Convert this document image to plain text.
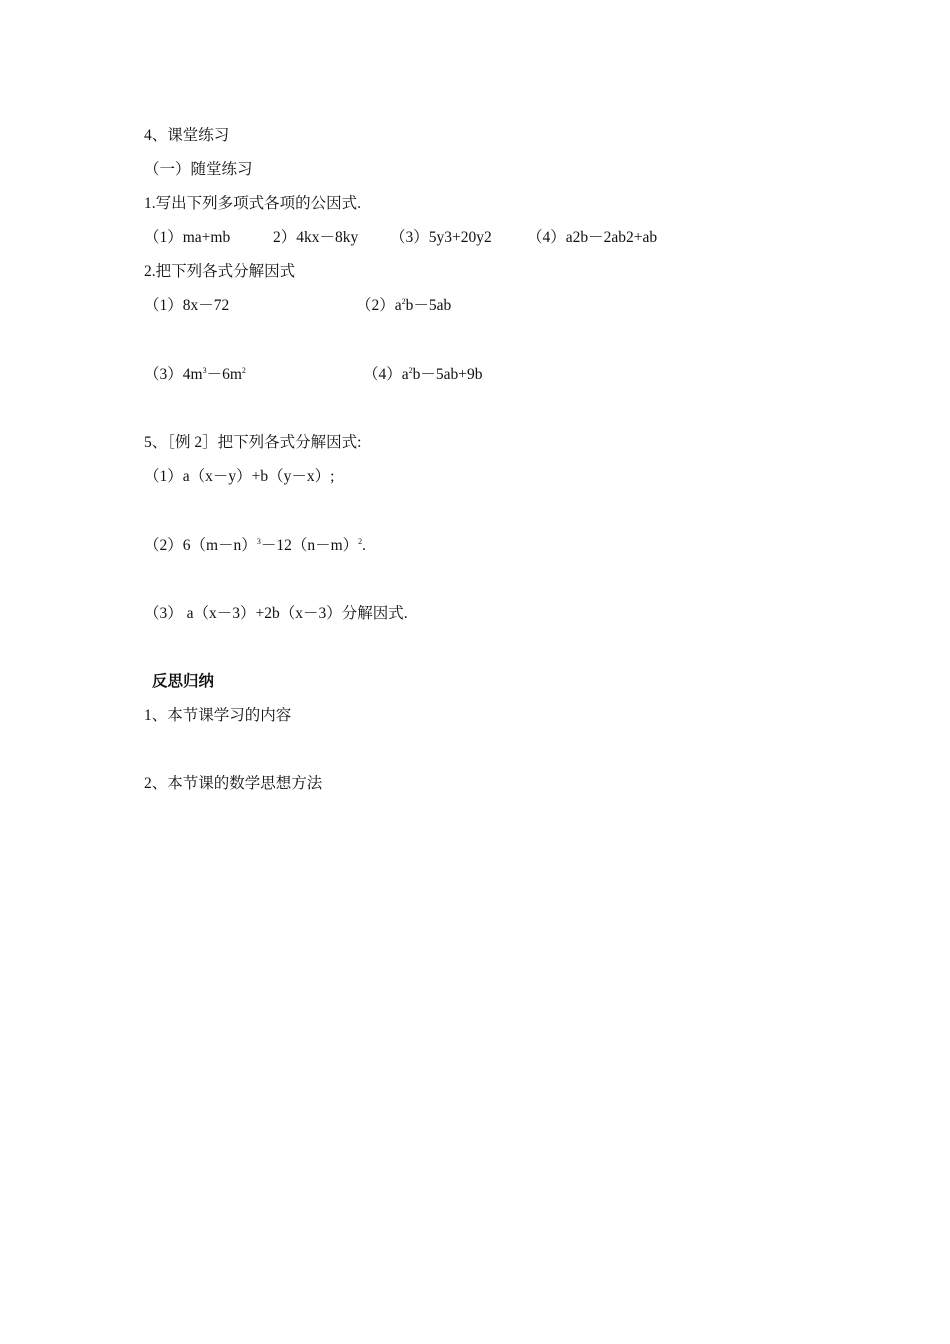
4、课堂练习
（一）随堂练习
1.写出下列多项式各项的公因式.
（1）ma+mb	2）4kx－8ky （3）5y3+20y2 （4）a2b－2ab2+ab
2.把下列各式分解因式
（1）8x－72	$(2)a^2b-5ab$
$(3)4m^3-6m^2$	$(4)a^2b-5ab+9b$
5、［例 2］把下列各式分解因式:
（1）a（x－y）+b（y－x）;
$(2)6(m-n)^3-12(n-m)^2$.
（3） a（x－3）+2b（x－3）分解因式.
反思归纳
1、本节课学习的内容
2、本节课的数学思想方法
